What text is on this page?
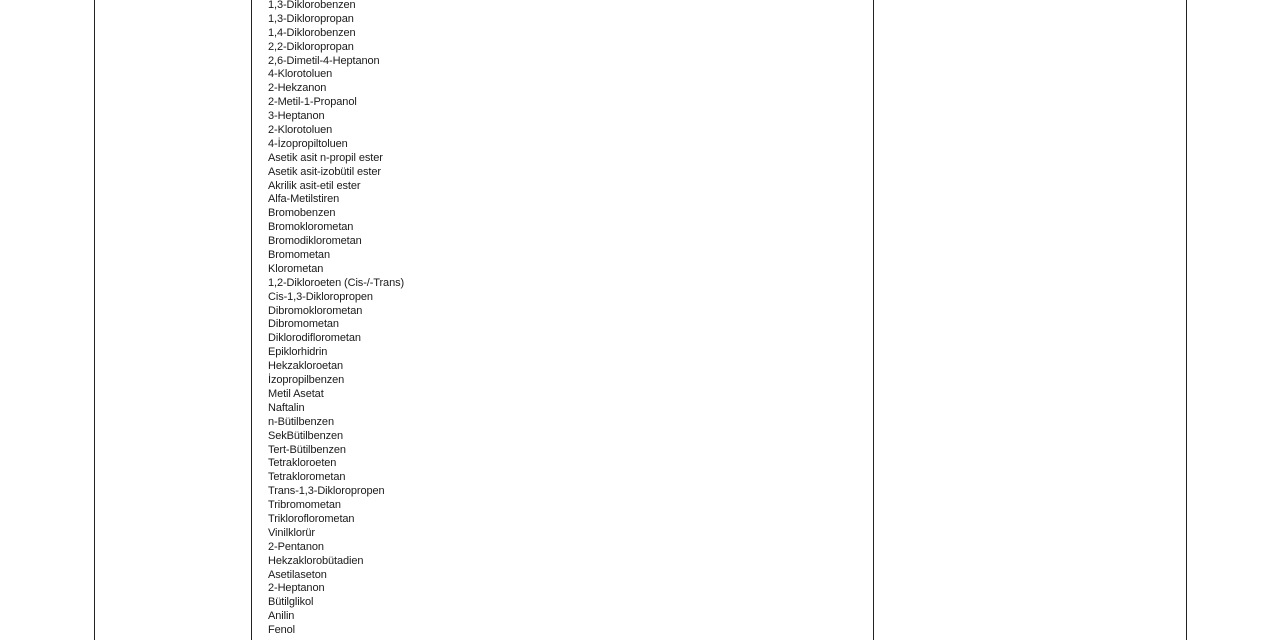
1,3-Diklorobenzen
1,3-Dikloropropan
1,4-Diklorobenzen
2,2-Dikloropropan
2,6-Dimetil-4-Heptanon
4-Klorotoluen
2-Hekzanon
2-Metil-1-Propanol
3-Heptanon
2-Klorotoluen
4-İzopropiltoluen
Asetik asit n-propil ester
Asetik asit-izobütil ester
Akrilik asit-etil ester
Alfa-Metilstiren
Bromobenzen
Bromoklorometan
Bromodiklorometan
Bromometan
Klorometan
1,2-Dikloroeten (Cis-/-Trans)
Cis-1,3-Dikloropropen
Dibromoklorometan
Dibromometan
Diklorodiflorometan
Epiklorhidrin
Hekzakloroetan
İzopropilbenzen
Metil Asetat
Naftalin
n-Bütilbenzen
SekBütilbenzen
Tert-Bütilbenzen
Tetrakloroeten
Tetraklorometan
Trans-1,3-Dikloropropen
Tribromometan
Trikloroflorometan
Vinilklorür
2-Pentanon
Hekzaklorobütadien
Asetilaseton
2-Heptanon
Bütilglikol
Anilin
Fenol
